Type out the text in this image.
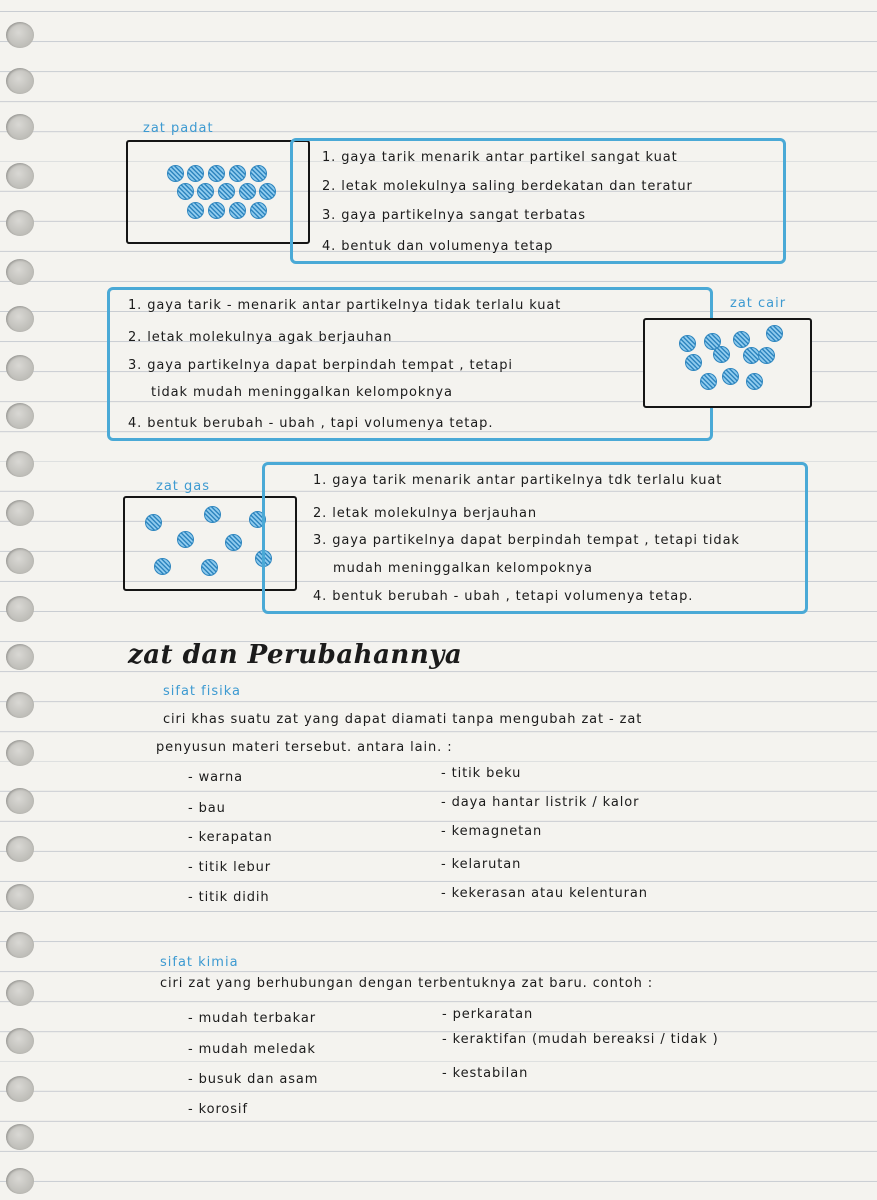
zat padat
1. gaya tarik menarik antar partikel sangat kuat
2. letak molekulnya saling berdekatan dan teratur
3. gaya partikelnya sangat terbatas
4. bentuk dan volumenya tetap
zat cair
1. gaya tarik - menarik antar partikelnya tidak terlalu kuat
2. letak molekulnya agak berjauhan
3. gaya partikelnya dapat berpindah tempat , tetapi
tidak mudah meninggalkan kelompoknya
4. bentuk berubah - ubah , tapi volumenya tetap.
zat gas	1. gaya tarik menarik antar partikelnya tdk terlalu kuat
2. letak molekulnya berjauhan
3. gaya partikelnya dapat berpindah tempat , tetapi tidak
mudah meninggalkan kelompoknya
4. bentuk berubah - ubah , tetapi volumenya tetap.
zat dan Perubahannya
sifat fisika
ciri khas suatu zat yang dapat diamati tanpa mengubah zat - zat
penyusun materi tersebut. antara lain. :
- warna
- bau
- kerapatan
- titik lebur
- titik didih
- titik beku
- daya hantar listrik / kalor
- kemagnetan
- kelarutan
- kekerasan atau kelenturan
sifat kimia
ciri zat yang berhubungan dengan terbentuknya zat baru. contoh :
- mudah terbakar
- mudah meledak
- busuk dan asam
- korosif
- perkaratan
- keraktifan (mudah bereaksi / tidak )
- kestabilan
